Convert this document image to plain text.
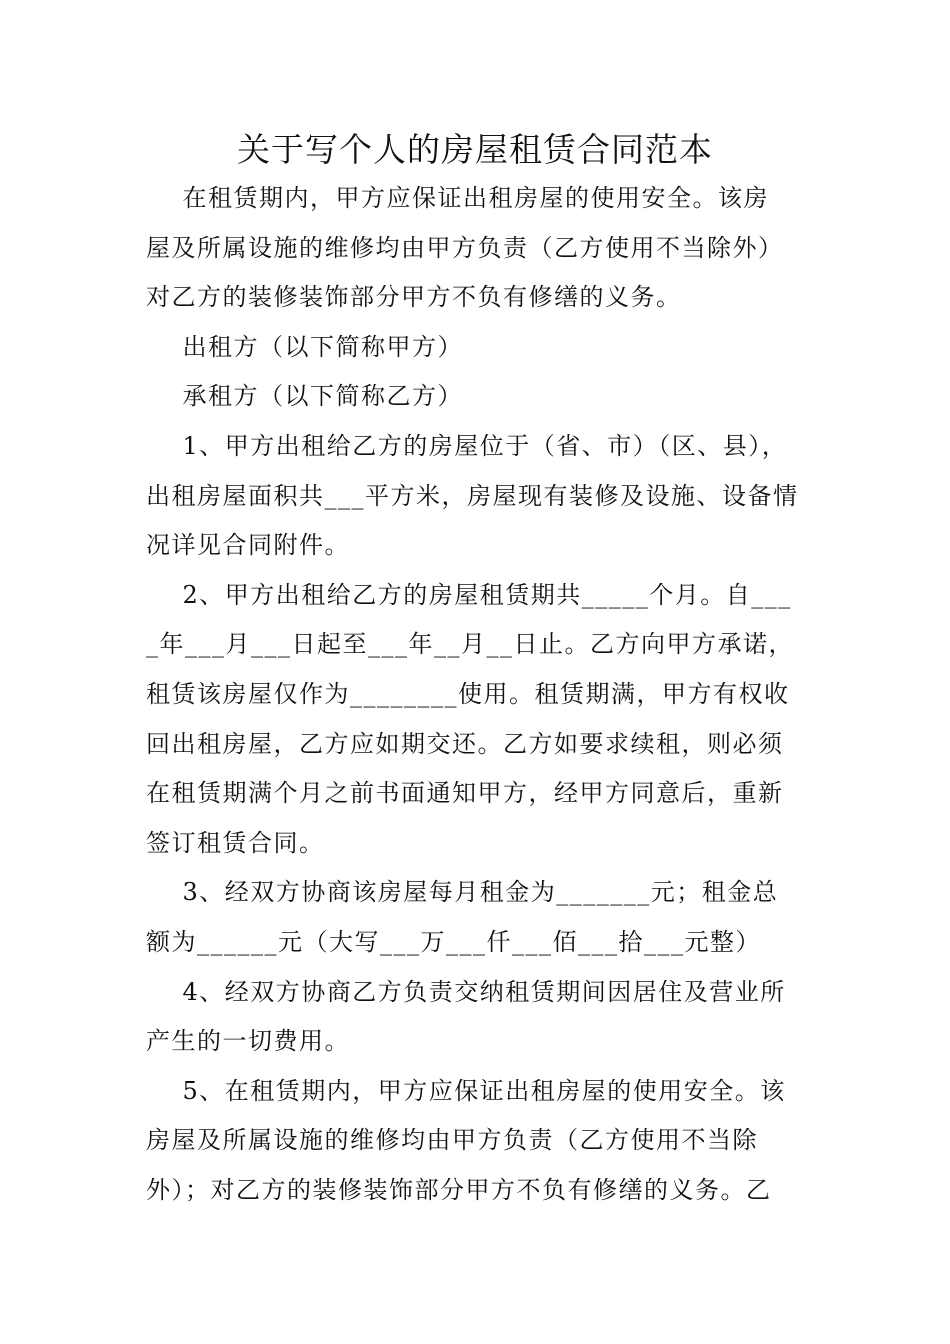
关于写个人的房屋租赁合同范本
在租赁期内，甲方应保证出租房屋的使用安全。该房
屋及所属设施的维修均由甲方负责（乙方使用不当除外）
对乙方的装修装饰部分甲方不负有修缮的义务。
出租方（以下简称甲方）
承租方（以下简称乙方）
1、甲方出租给乙方的房屋位于（省、市）（区、县），
出租房屋面积共___平方米，房屋现有装修及设施、设备情
况详见合同附件。
2、甲方出租给乙方的房屋租赁期共_____个月。自___
_年___月___日起至___年__月__日止。乙方向甲方承诺，
租赁该房屋仅作为________使用。租赁期满，甲方有权收
回出租房屋，乙方应如期交还。乙方如要求续租，则必须
在租赁期满个月之前书面通知甲方，经甲方同意后，重新
签订租赁合同。
3、经双方协商该房屋每月租金为_______元；租金总
额为______元（大写___万___仟___佰___拾___元整）
4、经双方协商乙方负责交纳租赁期间因居住及营业所
产生的一切费用。
5、在租赁期内，甲方应保证出租房屋的使用安全。该
房屋及所属设施的维修均由甲方负责（乙方使用不当除
外）；对乙方的装修装饰部分甲方不负有修缮的义务。乙
